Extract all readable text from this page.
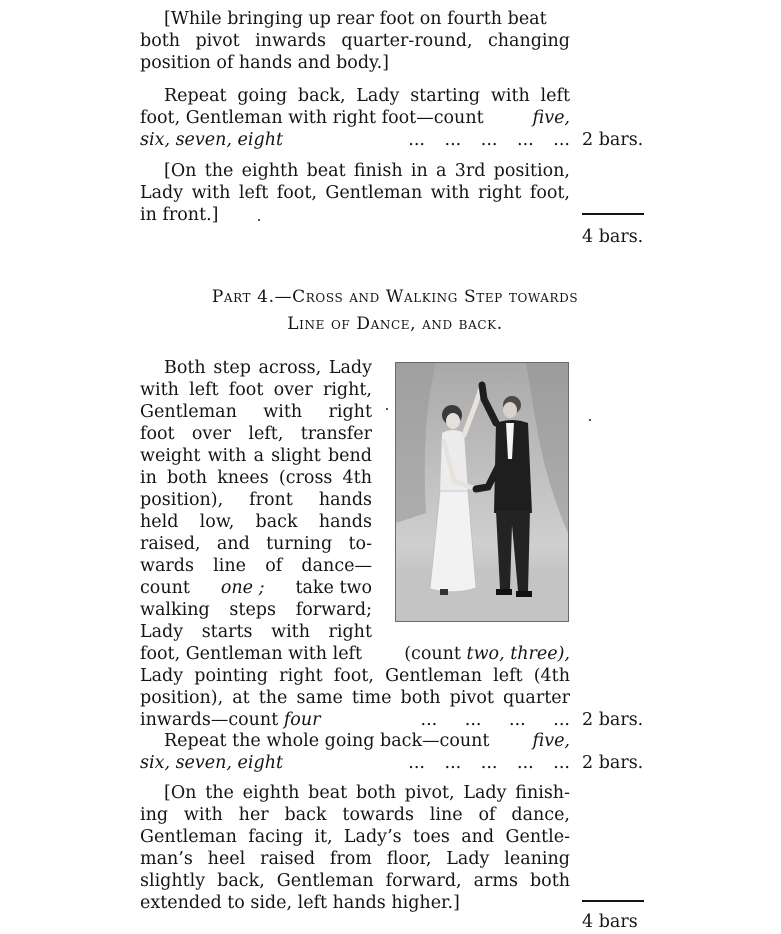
[While bringing up rear foot on fourth beat
both pivot inwards quarter-round, changing
position of hands and body.]
Repeat going back, Lady starting with left
foot, Gentleman with right foot—count	five,
six, seven, eight	... ... ... ... ... 2 bars.
[On the eighth beat finish in a 3rd position,
Lady with left foot, Gentleman with right foot,
in front.]
4 bars.
Part 4.—Cross and Walking Step towards
Line of Dance, and back.
Both step across, Lady
with left foot over right,
Gentleman with right
foot over left, transfer
weight with a slight bend
in both knees (cross 4th
position), front hands
held low, back hands
raised, and turning to-
wards line of dance—
count one ; take two
walking steps forward;
Lady starts with right
foot, Gentleman with left (count two, three),
Lady pointing right foot, Gentleman left (4th
position), at the same time both pivot quarter
inwards—count four	... ... ... ... 2 bars.
Repeat the whole going back—count five,
six, seven, eight	... ... ... ... ... 2 bars.
[On the eighth beat both pivot, Lady finish-
ing with her back towards line of dance,
Gentleman facing it, Lady’s toes and Gentle-
man’s heel raised from floor, Lady leaning
slightly back, Gentleman forward, arms both
extended to side, left hands higher.]
4 bars
